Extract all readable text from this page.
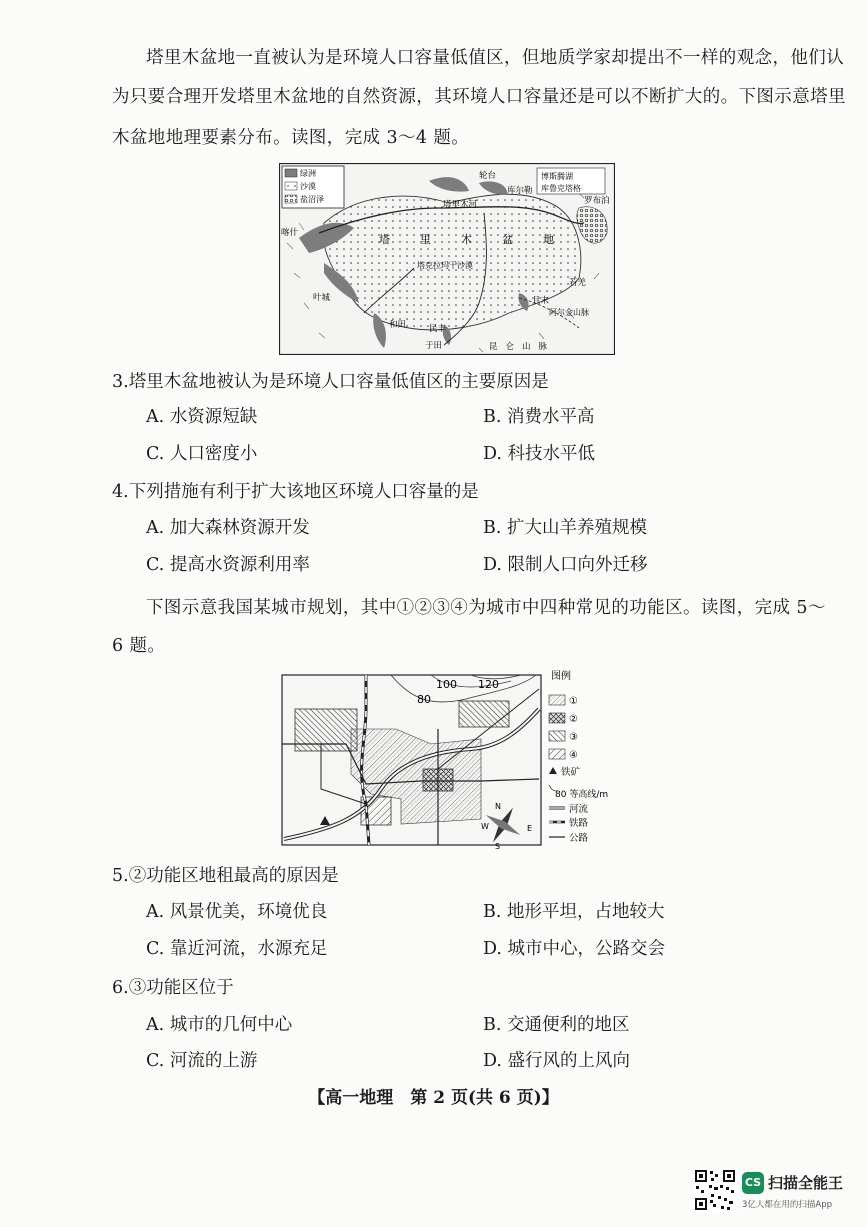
塔里木盆地一直被认为是环境人口容量低值区，但地质学家却提出不一样的观念，他们认
为只要合理开发塔里木盆地的自然资源，其环境人口容量还是可以不断扩大的。下图示意塔里
木盆地地理要素分布。读图，完成 3～4 题。
绿洲
沙漠
盐沼泽
博斯腾湖
库鲁克塔格
喀什
叶城
和田
于田
民丰
轮台
库尔勒
塔里木河
塔克拉玛干沙漠
且末
若羌
罗布泊
阿尔金山脉
昆仑山脉
塔里木盆地
3.塔里木盆地被认为是环境人口容量低值区的主要原因是
A. 水资源短缺	B. 消费水平高
C. 人口密度小	D. 科技水平低
4.下列措施有利于扩大该地区环境人口容量的是
A. 加大森林资源开发	B. 扩大山羊养殖规模
C. 提高水资源利用率	D. 限制人口向外迁移
下图示意我国某城市规划，其中①②③④为城市中四种常见的功能区。读图，完成 5～
6 题。
80
100 120
N
E
S
W
图例
①
②
③
④
铁矿
80 等高线/m
河流
铁路
公路
5.②功能区地租最高的原因是
A. 风景优美，环境优良	B. 地形平坦，占地较大
C. 靠近河流，水源充足	D. 城市中心，公路交会
6.③功能区位于
A. 城市的几何中心	B. 交通便利的地区
C. 河流的上游	D. 盛行风的上风向
【高一地理　第 2 页(共 6 页)】
CS 扫描全能王
3亿人都在用的扫描App
